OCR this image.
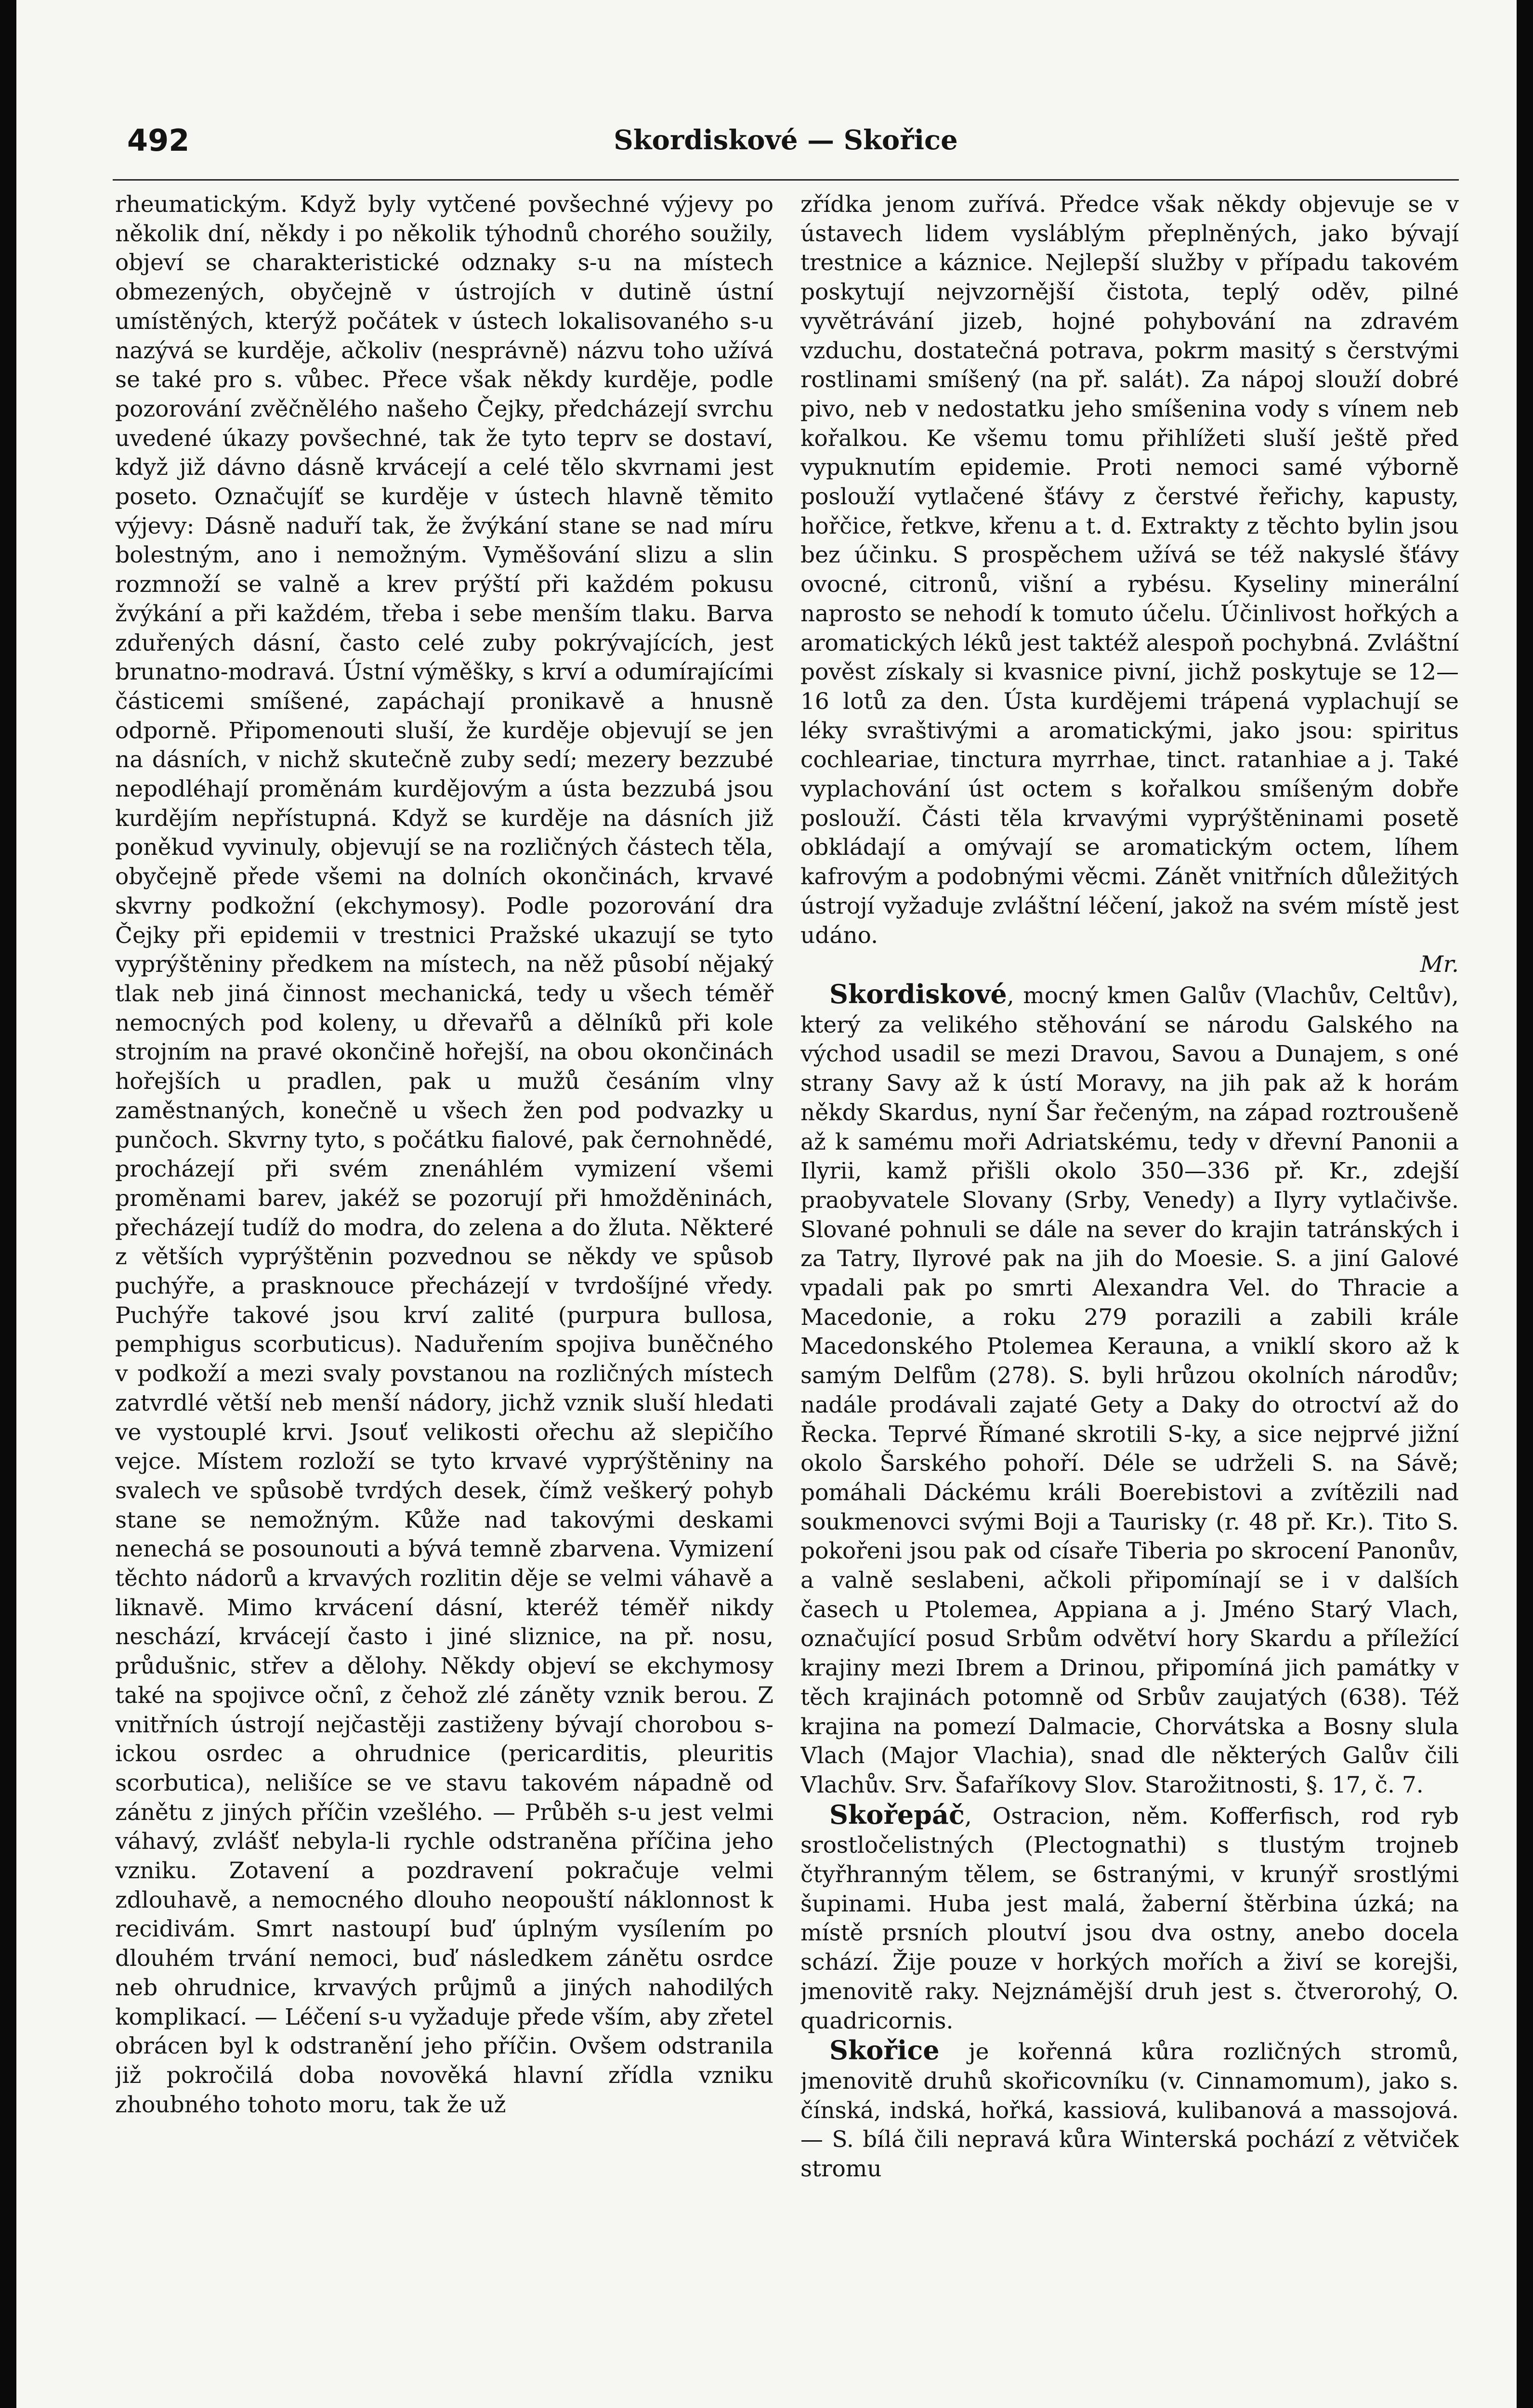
492	Skordiskové — Skořice

rheumatickým. Když byly vytčené povšechné výjevy po několik dní, někdy i po několik týhodnů chorého soužily, objeví se charakteristické odznaky s-u na místech obmezených, obyčejně v ústrojích v dutině ústní umístěných, kterýž počátek v ústech lokalisovaného s-u nazývá se kurděje, ačkoliv (nesprávně) názvu toho užívá se také pro s. vůbec. Přece však někdy kurděje, podle pozorování zvěčnělého našeho Čejky, předcházejí svrchu uvedené úkazy povšechné, tak že tyto teprv se dostaví, když již dávno dásně krvácejí a celé tělo skvrnami jest poseto. Označujíť se kurděje v ústech hlavně těmito výjevy: Dásně naduří tak, že žvýkání stane se nad míru bolestným, ano i nemožným. Vyměšování slizu a slin rozmnoží se valně a krev prýští při každém pokusu žvýkání a při každém, třeba i sebe menším tlaku. Barva zduřených dásní, často celé zuby pokrývajících, jest brunatno-modravá. Ústní výměšky, s krví a odumírajícími částicemi smíšené, zapáchají pronikavě a hnusně odporně. Připomenouti sluší, že kurděje objevují se jen na dásních, v nichž skutečně zuby sedí; mezery bezzubé nepodléhají proměnám kurdějovým a ústa bezzubá jsou kurdějím nepřístupná. Když se kurděje na dásních již poněkud vyvinuly, objevují se na rozličných částech těla, obyčejně přede všemi na dolních okončinách, krvavé skvrny podkožní (ekchymosy). Podle pozorování dra Čejky při epidemii v trestnici Pražské ukazují se tyto vyprýštěniny předkem na místech, na něž působí nějaký tlak neb jiná činnost mechanická, tedy u všech téměř nemocných pod koleny, u dřevařů a dělníků při kole strojním na pravé okončině hořejší, na obou okončinách hořejších u pradlen, pak u mužů česáním vlny zaměstnaných, konečně u všech žen pod podvazky u punčoch. Skvrny tyto, s počátku fialové, pak černohnědé, procházejí při svém znenáhlém vymizení všemi proměnami barev, jakéž se pozorují při hmožděninách, přecházejí tudíž do modra, do zelena a do žluta. Některé z větších vyprýštěnin pozvednou se někdy ve spůsob puchýře, a prasknouce přecházejí v tvrdošíjné vředy. Puchýře takové jsou krví zalité (purpura bullosa, pemphigus scorbuticus). Naduřením spojiva buněčného v podkoží a mezi svaly povstanou na rozličných místech zatvrdlé větší neb menší nádory, jichž vznik sluší hledati ve vystouplé krvi. Jsouť velikosti ořechu až slepičího vejce. Místem rozloží se tyto krvavé vyprýštěniny na svalech ve spůsobě tvrdých desek, čímž veškerý pohyb stane se nemožným. Kůže nad takovými deskami nenechá se posounouti a bývá temně zbarvena. Vymizení těchto nádorů a krvavých rozlitin děje se velmi váhavě a liknavě. Mimo krvácení dásní, kteréž téměř nikdy neschází, krvácejí často i jiné sliznice, na př. nosu, průdušnic, střev a dělohy. Někdy objeví se ekchymosy také na spojivce očnî, z čehož zlé záněty vznik berou. Z vnitřních ústrojí nejčastěji zastiženy bývají chorobou s-ickou osrdec a ohrudnice (pericarditis, pleuritis scorbutica), nelišíce se ve stavu takovém nápadně od zánětu z jiných příčin vzešlého. — Průběh s-u jest velmi váhavý, zvlášť nebyla-li rychle odstraněna příčina jeho vzniku. Zotavení a pozdravení pokračuje velmi zdlouhavě, a nemocného dlouho neopouští náklonnost k recidivám. Smrt nastoupí buď úplným vysílením po dlouhém trvání nemoci, buď následkem zánětu osrdce neb ohrudnice, krvavých průjmů a jiných nahodilých komplikací. — Léčení s-u vyžaduje přede vším, aby zřetel obrácen byl k odstranění jeho příčin. Ovšem odstranila již pokročilá doba novověká hlavní zřídla vzniku zhoubného tohoto moru, tak že už

zřídka jenom zuřívá. Předce však někdy objevuje se v ústavech lidem vysláblým přeplněných, jako bývají trestnice a káznice. Nejlepší služby v případu takovém poskytují nejvzornější čistota, teplý oděv, pilné vyvětrávání jizeb, hojné pohybování na zdravém vzduchu, dostatečná potrava, pokrm masitý s čerstvými rostlinami smíšený (na př. salát). Za nápoj slouží dobré pivo, neb v nedostatku jeho smíšenina vody s vínem neb kořalkou. Ke všemu tomu přihlížeti sluší ještě před vypuknutím epidemie. Proti nemoci samé výborně poslouží vytlačené šťávy z čerstvé řeřichy, kapusty, hořčice, řetkve, křenu a t. d. Extrakty z těchto bylin jsou bez účinku. S prospěchem užívá se též nakyslé šťávy ovocné, citronů, višní a rybésu. Kyseliny minerální naprosto se nehodí k tomuto účelu. Účinlivost hořkých a aromatických léků jest taktéž alespoň pochybná. Zvláštní pověst získaly si kvasnice pivní, jichž poskytuje se 12—16 lotů za den. Ústa kurdějemi trápená vyplachují se léky svraštivými a aromatickými, jako jsou: spiritus cochleariae, tinctura myrrhae, tinct. ratanhiae a j. Také vyplachování úst octem s kořalkou smíšeným dobře poslouží. Části těla krvavými vyprýštěninami posetě obkládají a omývají se aromatickým octem, líhem kafrovým a podobnými věcmi. Zánět vnitřních důležitých ústrojí vyžaduje zvláštní léčení, jakož na svém místě jest udáno.
Mr.

Skordiskové, mocný kmen Galův (Vlachův, Celtův), který za velikého stěhování se národu Galského na východ usadil se mezi Dravou, Savou a Dunajem, s oné strany Savy až k ústí Moravy, na jih pak až k horám někdy Skardus, nyní Šar řečeným, na západ roztroušeně až k samému moři Adriatskému, tedy v dřevní Panonii a Ilyrii, kamž přišli okolo 350—336 př. Kr., zdejší praobyvatele Slovany (Srby, Venedy) a Ilyry vytlačivše. Slované pohnuli se dále na sever do krajin tatránských i za Tatry, Ilyrové pak na jih do Moesie. S. a jiní Galové vpadali pak po smrti Alexandra Vel. do Thracie a Macedonie, a roku 279 porazili a zabili krále Macedonského Ptolemea Kerauna, a vniklí skoro až k samým Delfům (278). S. byli hrůzou okolních národův; nadále prodávali zajaté Gety a Daky do otroctví až do Řecka. Teprvé Římané skrotili S-ky, a sice nejprvé jižní okolo Šarského pohoří. Déle se udrželi S. na Sávě; pomáhali Dáckému králi Boerebistovi a zvítězili nad soukmenovci svými Boji a Taurisky (r. 48 př. Kr.). Tito S. pokořeni jsou pak od císaře Tiberia po skrocení Panonův, a valně seslabeni, ačkoli připomínají se i v dalších časech u Ptolemea, Appiana a j. Jméno Starý Vlach, označující posud Srbům odvětví hory Skardu a příležící krajiny mezi Ibrem a Drinou, připomíná jich památky v těch krajinách potomně od Srbův zaujatých (638). Též krajina na pomezí Dalmacie, Chorvátska a Bosny slula Vlach (Major Vlachia), snad dle některých Galův čili Vlachův. Srv. Šafaříkovy Slov. Starožitnosti, §. 17, č. 7.

Skořepáč, Ostracion, něm. Kofferfisch, rod ryb srostločelistných (Plectognathi) s tlustým trojneb čtyřhranným tělem, se 6stranými, v krunýř srostlými šupinami. Huba jest malá, žaberní štěrbina úzká; na místě prsních ploutví jsou dva ostny, anebo docela schází. Žije pouze v horkých mořích a živí se korejši, jmenovitě raky. Nejznámější druh jest s. čtverorohý, O. quadricornis.

Skořice je kořenná kůra rozličných stromů, jmenovitě druhů skořicovníku (v. Cinnamomum), jako s. čínská, indská, hořká, kassiová, kulibanová a massojová. — S. bílá čili nepravá kůra Winterská pochází z větviček stromu
